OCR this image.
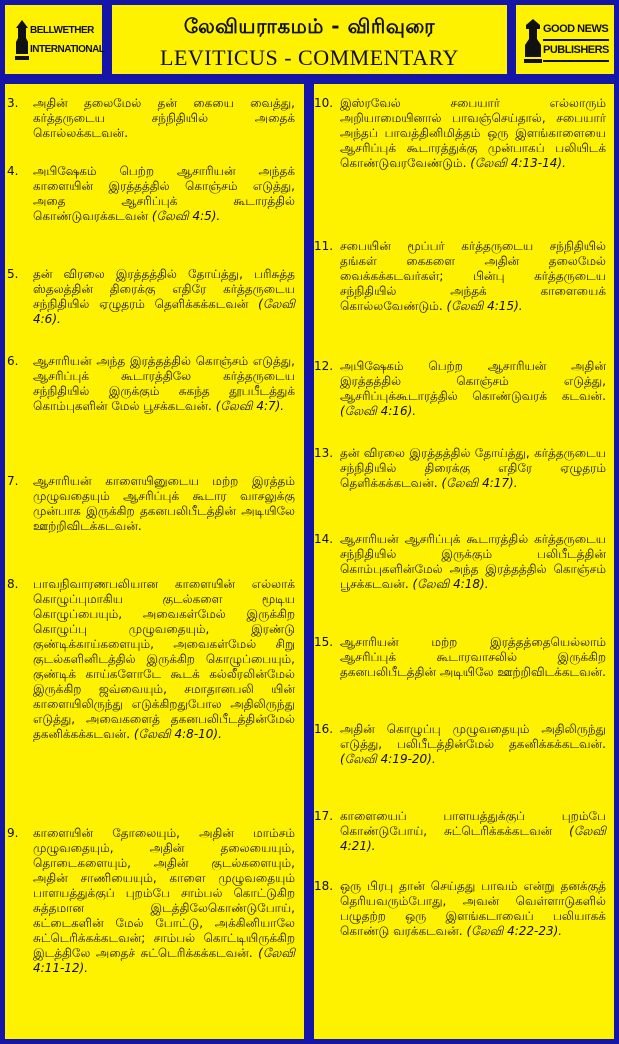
BELLWETHER
INTERNATIONAL
லேவியராகமம் - விரிவுரை
LEVITICUS - COMMENTARY
GOOD NEWS
PUBLISHERS
3.	அதின் தலைமேல் தன் கையை வைத்து, கர்த்தருடைய சந்நிதியில் அதைக் கொல்லக்கடவன்.
4.	அபிஷேகம் பெற்ற ஆசாரியன் அந்தக் காளையின் இரத்தத்தில் கொஞ்சம் எடுத்து, அதை ஆசரிப்புக் கூடாரத்தில் கொண்டுவரக்கடவன் (லேவி 4:5).
5.	தன் விரலை இரத்தத்தில் தோய்த்து, பரிசுத்த ஸ்தலத்தின் திரைக்கு எதிரே கர்த்தருடைய சந்நிதியில் ஏழுதரம் தெளிக்கக்கடவன் (லேவி 4:6).
6.	ஆசாரியன் அந்த இரத்தத்தில் கொஞ்சம் எடுத்து, ஆசரிப்புக் கூடாரத்திலே கர்த்தருடைய சந்நிதியில் இருக்கும் சுகந்த தூபபீடத்துக் கொம்புகளின் மேல் பூசக்கடவன். (லேவி 4:7).
7.	ஆசாரியன் காளையினுடைய மற்ற இரத்தம் முழுவதையும் ஆசரிப்புக் கூடார வாசலுக்கு முன்பாக இருக்கிற தகனபலிபீடத்தின் அடியிலே ஊற்றிவிடக்கடவன்.
8.	பாவநிவாரணபலியான காளையின் எல்லாக் கொழுப்புமாகிய குடல்களை மூடிய கொழுப்பையும், அவைகள்மேல் இருக்கிற கொழுப்பு முழுவதையும், இரண்டு குண்டிக்காய்களையும், அவைகள்மேல் சிறு குடல்களினிடத்தில் இருக்கிற கொழுப்பையும், குண்டிக் காய்களோடே கூடக் கல்லீரலின்மேல் இருக்கிற ஜவ்வையும், சமாதானபலி யின் காளையிலிருந்து எடுக்கிறதுபோல அதிலிருந்து எடுத்து, அவைகளைத் தகனபலிபீடத்தின்மேல் தகனிக்கக்கடவன். (லேவி 4:8-10).
9.	காளையின் தோலையும், அதின் மாம்சம் முழுவதையும், அதின் தலையையும், தொடைகளையும், அதின் குடல்களையும், அதின் சாணியையும், காளை முழுவதையும் பாளயத்துக்குப் புறம்பே சாம்பல் கொட்டுகிற சுத்தமான இடத்திலேகொண்டுபோய், கட்டைகளின் மேல் போட்டு, அக்கினியாலே சுட்டெரிக்கக்கடவன்; சாம்பல் கொட்டியிருக்கிற இடத்திலே அதைச் சுட்டெரிக்கக்கடவன். (லேவி 4:11-12).
10. இஸ்ரவேல் சபையார் எல்லாரும் அறியாமையினால் பாவஞ்செய்தால், சபையார் அந்தப் பாவத்தினிமித்தம் ஒரு இளங்காளையை ஆசரிப்புக் கூடாரத்துக்கு முன்பாகப் பலியிடக் கொண்டுவரவேண்டும். (லேவி 4:13-14).
11. சபையின் மூப்பர் கர்த்தருடைய சந்நிதியில் தங்கள் கைகளை அதின் தலைமேல் வைக்கக்கடவர்கள்; பின்பு கர்த்தருடைய சந்நிதியில் அந்தக் காளையைக் கொல்லவேண்டும். (லேவி 4:15).
12. அபிஷேகம் பெற்ற ஆசாரியன் அதின் இரத்தத்தில் கொஞ்சம் எடுத்து, ஆசரிப்புக்கூடாரத்தில் கொண்டுவரக் கடவன். (லேவி 4:16).
13. தன் விரலை இரத்தத்தில் தோய்த்து, கர்த்தருடைய சந்நிதியில் திரைக்கு எதிரே ஏழுதரம் தெளிக்கக்கடவன். (லேவி 4:17).
14. ஆசாரியன் ஆசரிப்புக் கூடாரத்தில் கர்த்தருடைய சந்நிதியில் இருக்கும் பலிபீடத்தின் கொம்புகளின்மேல் அந்த இரத்தத்தில் கொஞ்சம் பூசக்கடவன். (லேவி 4:18).
15. ஆசாரியன் மற்ற இரத்தத்தையெல்லாம் ஆசரிப்புக் கூடாரவாசலில் இருக்கிற தகனபலிபீடத்தின் அடியிலே ஊற்றிவிடக்கடவன்.
16. அதின் கொழுப்பு முழுவதையும் அதிலிருந்து எடுத்து, பலிபீடத்தின்மேல் தகனிக்கக்கடவன். (லேவி 4:19-20).
17. காளையைப் பாளயத்துக்குப் புறம்பே கொண்டுபோய், சுட்டெரிக்கக்கடவன் (லேவி 4:21).
18. ஒரு பிரபு தான் செய்தது பாவம் என்று தனக்குத் தெரியவரும்போது, அவன் வெள்ளாடுகளில் பழுதற்ற ஒரு இளங்கடாவைப் பலியாகக் கொண்டு வரக்கடவன். (லேவி 4:22-23).
